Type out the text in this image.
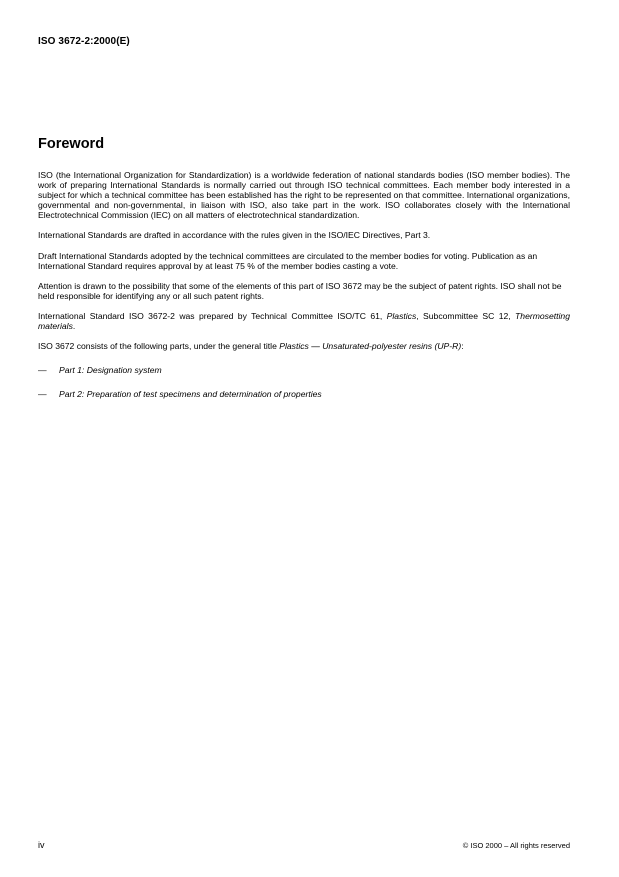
ISO 3672-2:2000(E)
Foreword

ISO (the International Organization for Standardization) is a worldwide federation of national standards bodies (ISO member bodies). The work of preparing International Standards is normally carried out through ISO technical committees. Each member body interested in a subject for which a technical committee has been established has the right to be represented on that committee. International organizations, governmental and non-governmental, in liaison with ISO, also take part in the work. ISO collaborates closely with the International Electrotechnical Commission (IEC) on all matters of electrotechnical standardization.

International Standards are drafted in accordance with the rules given in the ISO/IEC Directives, Part 3.

Draft International Standards adopted by the technical committees are circulated to the member bodies for voting. Publication as an International Standard requires approval by at least 75 % of the member bodies casting a vote.

Attention is drawn to the possibility that some of the elements of this part of ISO 3672 may be the subject of patent rights. ISO shall not be held responsible for identifying any or all such patent rights.

International Standard ISO 3672-2 was prepared by Technical Committee ISO/TC 61, Plastics, Subcommittee SC 12, Thermosetting materials.

ISO 3672 consists of the following parts, under the general title Plastics — Unsaturated-polyester resins (UP-R):

—	Part 1: Designation system
—	Part 2: Preparation of test specimens and determination of properties
iv	© ISO 2000 – All rights reserved
